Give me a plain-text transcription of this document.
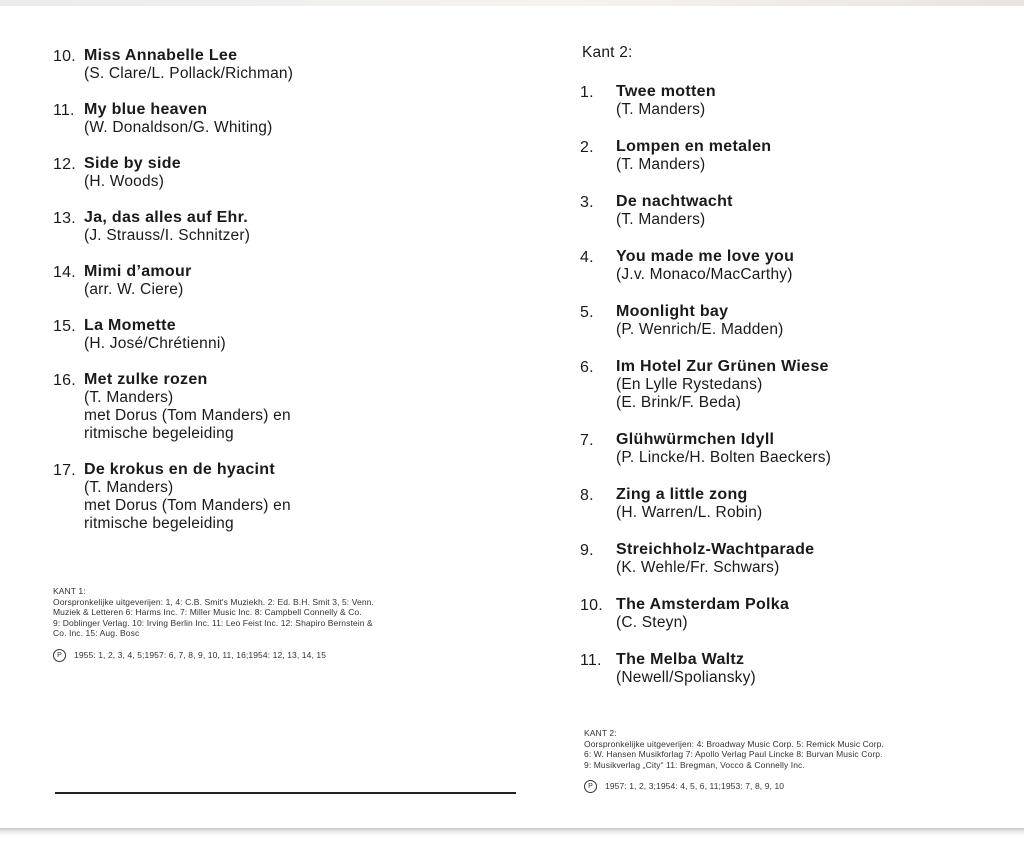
10. Miss Annabelle Lee
(S. Clare/L. Pollack/Richman)
11. My blue heaven
(W. Donaldson/G. Whiting)
12. Side by side
(H. Woods)
13. Ja, das alles auf Ehr.
(J. Strauss/I. Schnitzer)
14. Mimi d’amour
(arr. W. Ciere)
15. La Momette
(H. José/Chrétienni)
16. Met zulke rozen
(T. Manders)
met Dorus (Tom Manders) en
ritmische begeleiding
17. De krokus en de hyacint
(T. Manders)
met Dorus (Tom Manders) en
ritmische begeleiding
Kant 2:
1. Twee motten
(T. Manders)
2. Lompen en metalen
(T. Manders)
3. De nachtwacht
(T. Manders)
4. You made me love you
(J.v. Monaco/MacCarthy)
5. Moonlight bay
(P. Wenrich/E. Madden)
6. Im Hotel Zur Grünen Wiese
(En Lylle Rystedans)
(E. Brink/F. Beda)
7. Glühwürmchen Idyll
(P. Lincke/H. Bolten Baeckers)
8. Zing a little zong
(H. Warren/L. Robin)
9. Streichholz-Wachtparade
(K. Wehle/Fr. Schwars)
10. The Amsterdam Polka
(C. Steyn)
11. The Melba Waltz
(Newell/Spoliansky)
KANT 1:
Oorspronkelijke uitgeverijen: 1, 4: C.B. Smit's Muziekh. 2: Ed. B.H. Smit 3, 5: Venn.
Muziek & Letteren 6: Harms Inc. 7: Miller Music Inc. 8: Campbell Connelly & Co.
9: Doblinger Verlag. 10: Irving Berlin Inc. 11: Leo Feist Inc. 12: Shapiro Bernstein &
Co. Inc. 15: Aug. Bosc
P 1955: 1, 2, 3, 4, 5;1957: 6, 7, 8, 9, 10, 11, 16;1954: 12, 13, 14, 15
KANT 2:
Oorspronkelijke uitgeverijen: 4: Broadway Music Corp. 5: Remick Music Corp.
6: W. Hansen Musikforlag 7: Apollo Verlag Paul Lincke 8: Burvan Music Corp.
9: Musikverlag „City“ 11: Bregman, Vocco & Connelly Inc.
P 1957: 1, 2, 3;1954: 4, 5, 6, 11;1953: 7, 8, 9, 10
